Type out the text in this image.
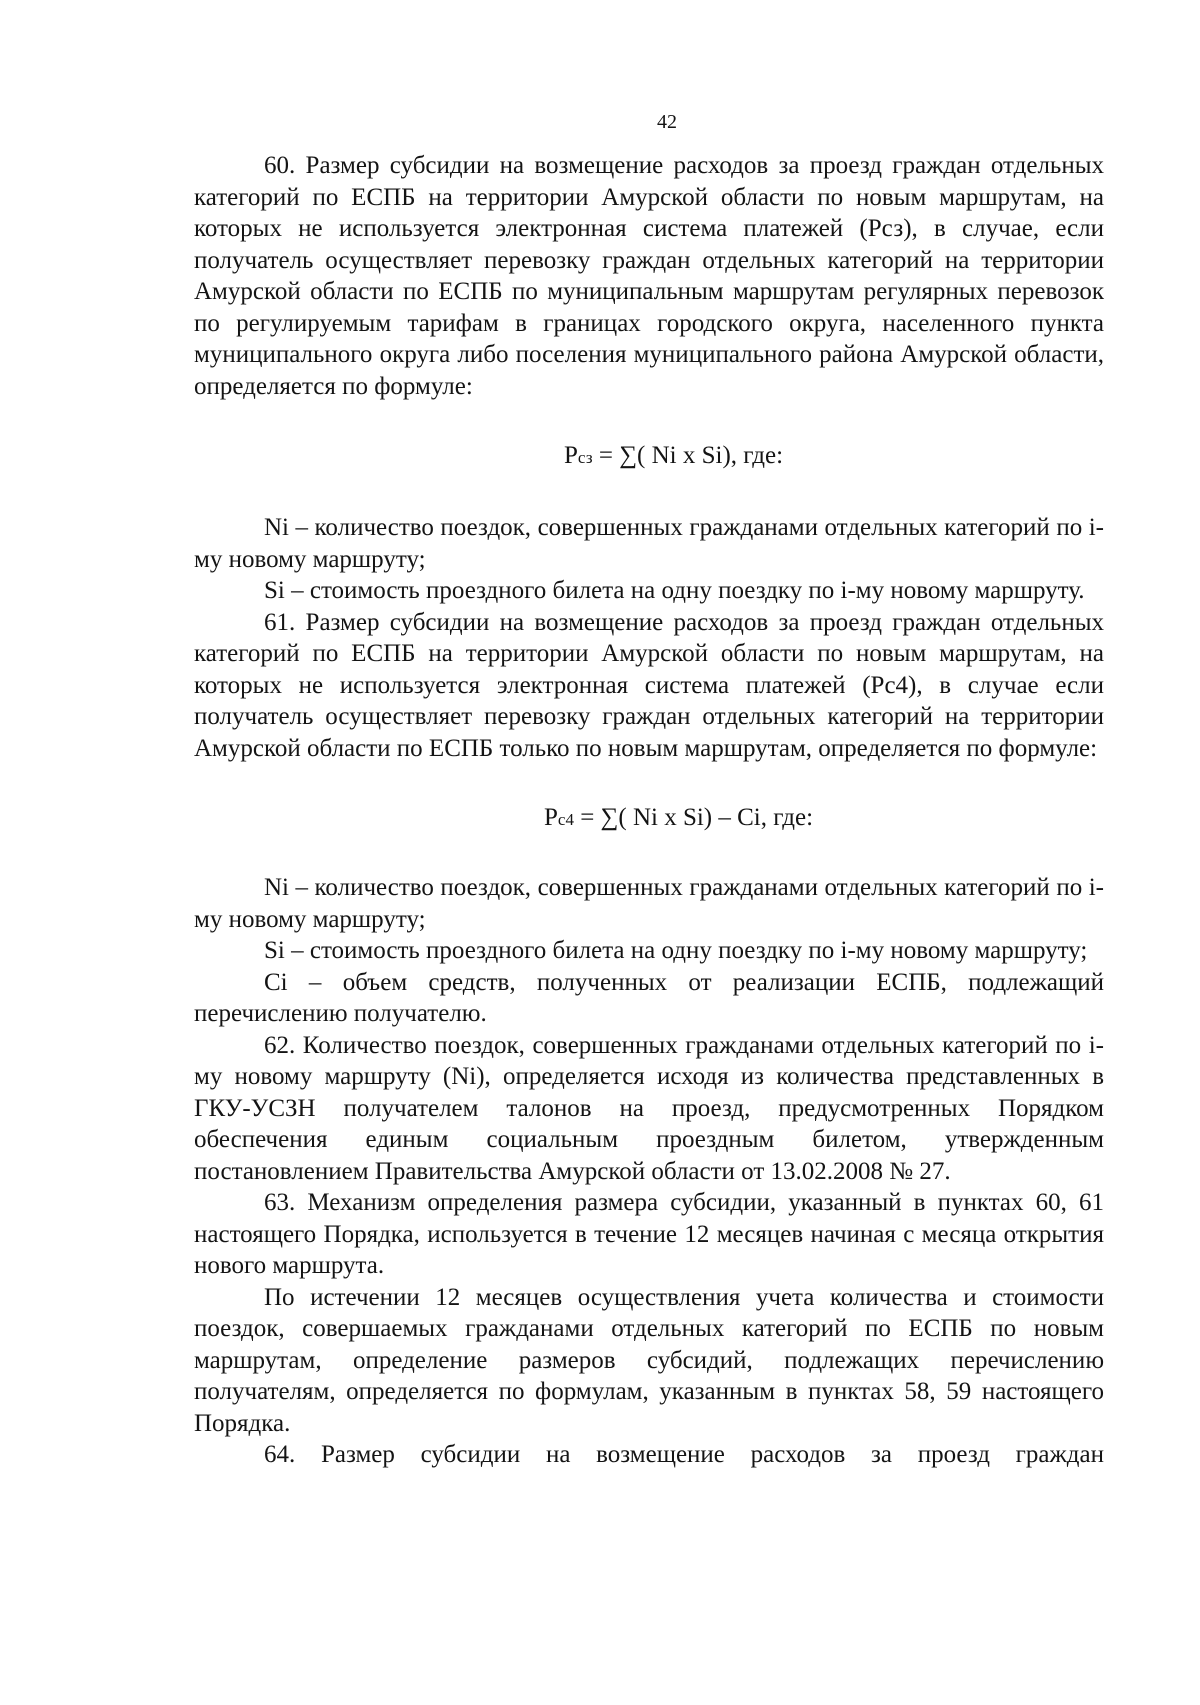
42

60. Размер субсидии на возмещение расходов за проезд граждан отдельных категорий по ЕСПБ на территории Амурской области по новым маршрутам, на которых не используется электронная система платежей (Рсз), в случае, если получатель осуществляет перевозку граждан отдельных категорий на территории Амурской области по ЕСПБ по муниципальным маршрутам регулярных перевозок по регулируемым тарифам в границах городского округа, населенного пункта муниципального округа либо поселения муниципального района Амурской области, определяется по формуле:

Рсз = ∑( Ni x Si), где:

Ni – количество поездок, совершенных гражданами отдельных категорий по i-му новому маршруту;

Si – стоимость проездного билета на одну поездку по i-му новому маршруту.

61. Размер субсидии на возмещение расходов за проезд граждан отдельных категорий по ЕСПБ на территории Амурской области по новым маршрутам, на которых не используется электронная система платежей (Рс4), в случае если получатель осуществляет перевозку граждан отдельных категорий на территории Амурской области по ЕСПБ только по новым маршрутам, определяется по формуле:

Рс4 = ∑( Ni x Si) – Ci, где:

Ni – количество поездок, совершенных гражданами отдельных категорий по i-му новому маршруту;

Si – стоимость проездного билета на одну поездку по i-му новому маршруту;

Ci – объем средств, полученных от реализации ЕСПБ, подлежащий перечислению получателю.

62. Количество поездок, совершенных гражданами отдельных категорий по i-му новому маршруту (Ni), определяется исходя из количества представленных в ГКУ-УСЗН получателем талонов на проезд, предусмотренных Порядком обеспечения единым социальным проездным билетом, утвержденным постановлением Правительства Амурской области от 13.02.2008 № 27.

63. Механизм определения размера субсидии, указанный в пунктах 60, 61 настоящего Порядка, используется в течение 12 месяцев начиная с месяца открытия нового маршрута.

По истечении 12 месяцев осуществления учета количества и стоимости поездок, совершаемых гражданами отдельных категорий по ЕСПБ по новым маршрутам, определение размеров субсидий, подлежащих перечислению получателям, определяется по формулам, указанным в пунктах 58, 59 настоящего Порядка.

64. Размер субсидии на возмещение расходов за проезд граждан
